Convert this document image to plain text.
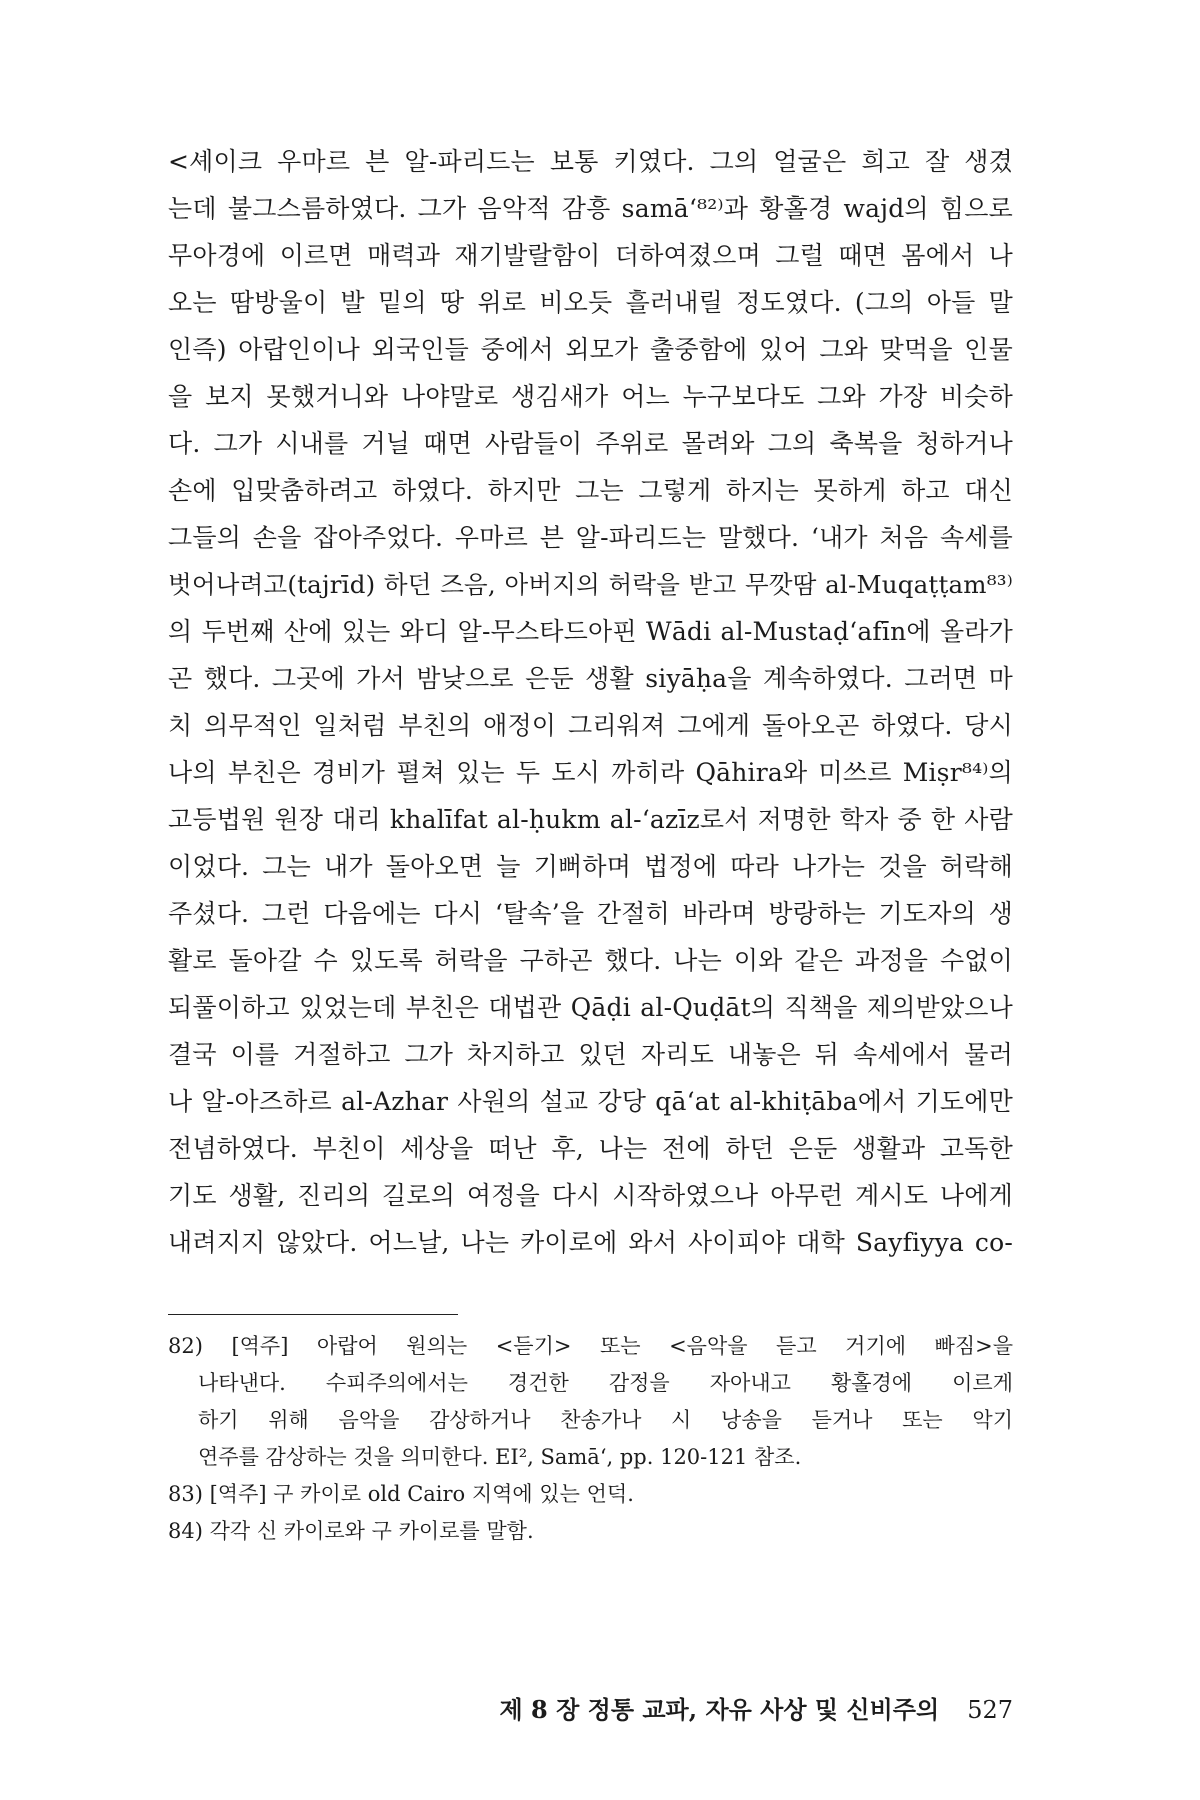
<셰이크 우마르 븐 알-파리드는 보통 키였다. 그의 얼굴은 희고 잘 생겼
는데 불그스름하였다. 그가 음악적 감흥 samā‘⁸²⁾과 황홀경 wajd의 힘으로
무아경에 이르면 매력과 재기발랄함이 더하여졌으며 그럴 때면 몸에서 나
오는 땀방울이 발 밑의 땅 위로 비오듯 흘러내릴 정도였다. (그의 아들 말
인즉) 아랍인이나 외국인들 중에서 외모가 출중함에 있어 그와 맞먹을 인물
을 보지 못했거니와 나야말로 생김새가 어느 누구보다도 그와 가장 비슷하
다. 그가 시내를 거닐 때면 사람들이 주위로 몰려와 그의 축복을 청하거나
손에 입맞춤하려고 하였다. 하지만 그는 그렇게 하지는 못하게 하고 대신
그들의 손을 잡아주었다. 우마르 븐 알-파리드는 말했다. ‘내가 처음 속세를
벗어나려고(tajrīd) 하던 즈음, 아버지의 허락을 받고 무깟땀 al-Muqaṭṭam⁸³⁾
의 두번째 산에 있는 와디 알-무스타드아핀 Wādi al-Mustaḍ‘afīn에 올라가
곤 했다. 그곳에 가서 밤낮으로 은둔 생활 siyāḥa을 계속하였다. 그러면 마
치 의무적인 일처럼 부친의 애정이 그리워져 그에게 돌아오곤 하였다. 당시
나의 부친은 경비가 펼쳐 있는 두 도시 까히라 Qāhira와 미쓰르 Miṣr⁸⁴⁾의
고등법원 원장 대리 khalīfat al-ḥukm al-‘azīz로서 저명한 학자 중 한 사람
이었다. 그는 내가 돌아오면 늘 기뻐하며 법정에 따라 나가는 것을 허락해
주셨다. 그런 다음에는 다시 ‘탈속’을 간절히 바라며 방랑하는 기도자의 생
활로 돌아갈 수 있도록 허락을 구하곤 했다. 나는 이와 같은 과정을 수없이
되풀이하고 있었는데 부친은 대법관 Qāḍi al-Quḍāt의 직책을 제의받았으나
결국 이를 거절하고 그가 차지하고 있던 자리도 내놓은 뒤 속세에서 물러
나 알-아즈하르 al-Azhar 사원의 설교 강당 qā‘at al-khiṭāba에서 기도에만
전념하였다. 부친이 세상을 떠난 후, 나는 전에 하던 은둔 생활과 고독한
기도 생활, 진리의 길로의 여정을 다시 시작하였으나 아무런 계시도 나에게
내려지지 않았다. 어느날, 나는 카이로에 와서 사이피야 대학 Sayfiyya co-
82) [역주] 아랍어 원의는 <듣기> 또는 <음악을 듣고 거기에 빠짐>을
나타낸다. 수피주의에서는 경건한 감정을 자아내고 황홀경에 이르게
하기 위해 음악을 감상하거나 찬송가나 시 낭송을 듣거나 또는 악기
연주를 감상하는 것을 의미한다. EI², Samā‘, pp. 120-121 참조.
83) [역주] 구 카이로 old Cairo 지역에 있는 언덕.
84) 각각 신 카이로와 구 카이로를 말함.
제 8 장 정통 교파, 자유 사상 및 신비주의 527
